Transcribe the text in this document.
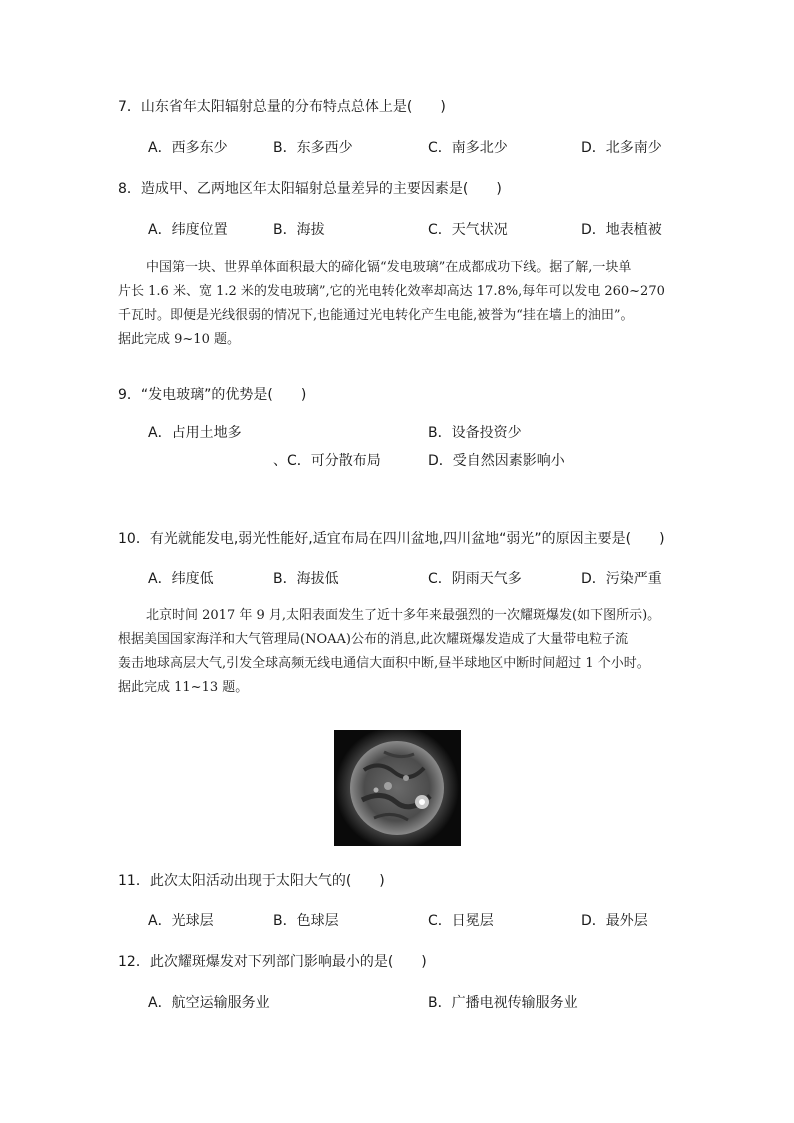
7．山东省年太阳辐射总量的分布特点总体上是(　　)
A．西多东少	B．东多西少	C．南多北少	D．北多南少
8．造成甲、乙两地区年太阳辐射总量差异的主要因素是(　　)
A．纬度位置	B．海拔	C．天气状况	D．地表植被
中国第一块、世界单体面积最大的碲化镉“发电玻璃”在成都成功下线。据了解,一块单
片长 1.6 米、宽 1.2 米的发电玻璃”,它的光电转化效率却高达 17.8%,每年可以发电 260~270
千瓦时。即便是光线很弱的情况下,也能通过光电转化产生电能,被誉为“挂在墙上的油田”。
据此完成 9~10 题。
9．“发电玻璃”的优势是(　　)
A．占用土地多	B．设备投资少
、C．可分散布局	D．受自然因素影响小
10．有光就能发电,弱光性能好,适宜布局在四川盆地,四川盆地“弱光”的原因主要是(　　)
A．纬度低	B．海拔低	C．阴雨天气多	D．污染严重
北京时间 2017 年 9 月,太阳表面发生了近十多年来最强烈的一次耀斑爆发(如下图所示)。
根据美国国家海洋和大气管理局(NOAA)公布的消息,此次耀斑爆发造成了大量带电粒子流
轰击地球高层大气,引发全球高频无线电通信大面积中断,昼半球地区中断时间超过 1 个小时。
据此完成 11~13 题。
11．此次太阳活动出现于太阳大气的(　　)
A．光球层	B．色球层	C．日冕层	D．最外层
12．此次耀斑爆发对下列部门影响最小的是(　　)
A．航空运输服务业	B．广播电视传输服务业
